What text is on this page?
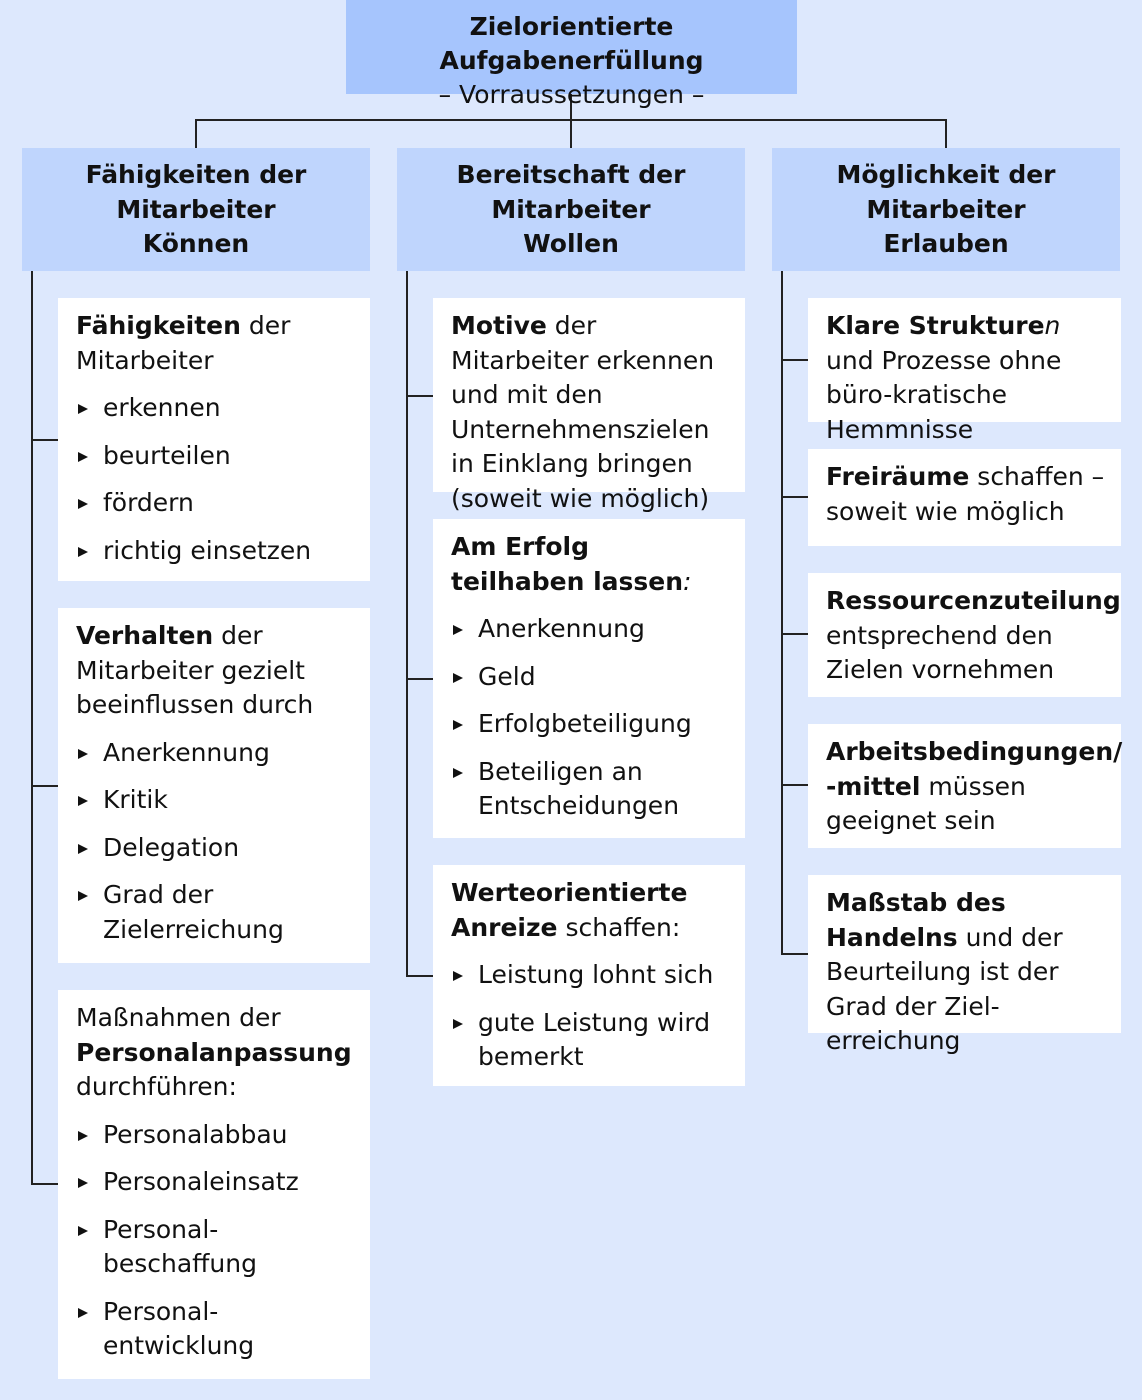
Zielorientierte Aufgabenerfüllung
– Vorraussetzungen –
Fähigkeiten der
Mitarbeiter
Können
Bereitschaft der
Mitarbeiter
Wollen
Möglichkeit der
Mitarbeiter
Erlauben
Fähigkeiten der Mitarbeiter
erkennen
beurteilen
fördern
richtig einsetzen
Verhalten der Mitarbeiter gezielt beeinflussen durch
Anerkennung
Kritik
Delegation
Grad der Zielerreichung
Maßnahmen der
Personalanpassung
durchführen:
Personalabbau
Personaleinsatz
Personal-beschaffung
Personal-entwicklung
Motive der Mitarbeiter erkennen und mit den Unternehmenszielen in Einklang bringen (soweit wie möglich)
Am Erfolg teilhaben lassen:
Anerkennung
Geld
Erfolgbeteiligung
Beteiligen an Entscheidungen
Werteorientierte Anreize schaffen:
Leistung lohnt sich
gute Leistung wird bemerkt
Klare Strukturen und Prozesse ohne büro-kratische Hemmnisse
Freiräume schaffen – soweit wie möglich
Ressourcenzuteilung entsprechend den Zielen vornehmen
Arbeitsbedingungen/ -mittel müssen geeignet sein
Maßstab des Handelns und der Beurteilung ist der Grad der Ziel-erreichung
